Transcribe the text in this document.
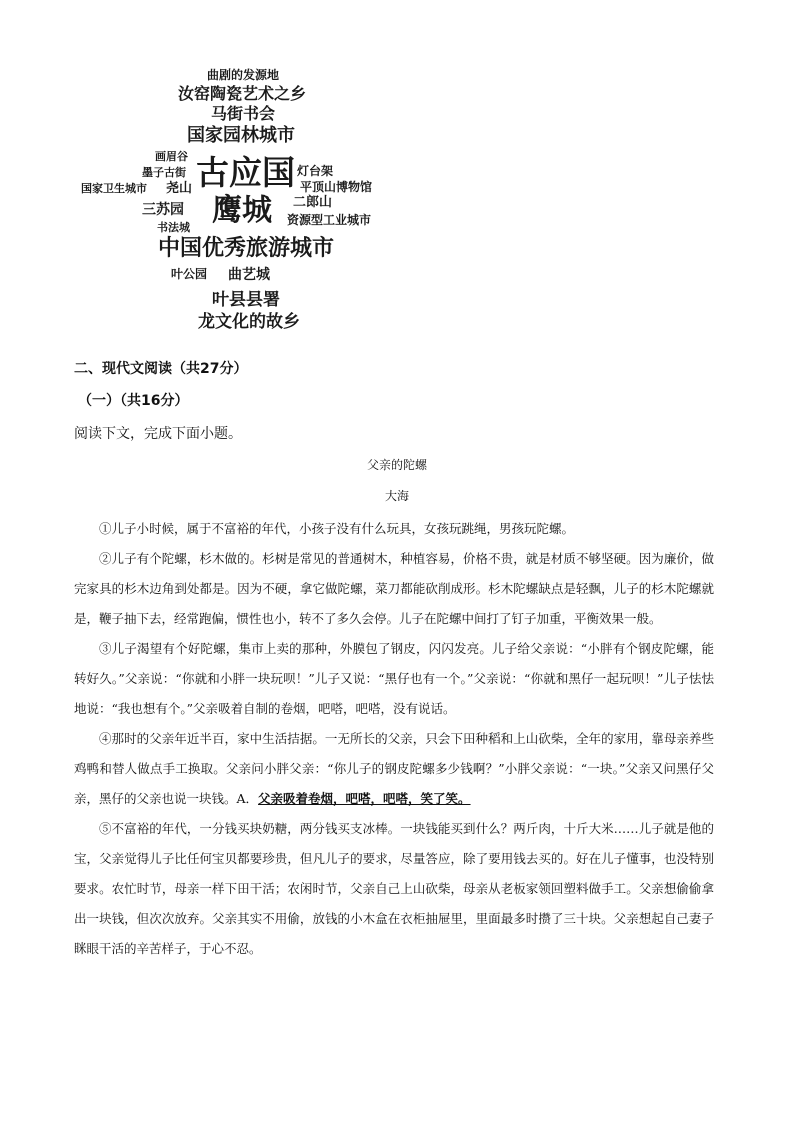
曲剧的发源地
汝窑陶瓷艺术之乡
马街书会
国家园林城市
画眉谷
墨子古街 古应国 灯台架
国家卫生城市 尧山	平顶山博物馆
三苏园 鹰城 二郎山
资源型工业城市
书法城
中国优秀旅游城市
叶公园 曲艺城
叶县县署
龙文化的故乡
二、现代文阅读（共27分）
（一）（共16分）
阅读下文，完成下面小题。
父亲的陀螺
大海

①儿子小时候，属于不富裕的年代，小孩子没有什么玩具，女孩玩跳绳，男孩玩陀螺。

②儿子有个陀螺，杉木做的。杉树是常见的普通树木，种植容易，价格不贵，就是材质不够坚硬。因为廉价，做完家具的杉木边角到处都是。因为不硬，拿它做陀螺，菜刀都能砍削成形。杉木陀螺缺点是轻飘，儿子的杉木陀螺就是，鞭子抽下去，经常跑偏，惯性也小，转不了多久会停。儿子在陀螺中间打了钉子加重，平衡效果一般。

③儿子渴望有个好陀螺，集市上卖的那种，外膜包了钢皮，闪闪发亮。儿子给父亲说：“小胖有个钢皮陀螺，能转好久。”父亲说：“你就和小胖一块玩呗！”儿子又说：“黑仔也有一个。”父亲说：“你就和黑仔一起玩呗！”儿子怯怯地说：“我也想有个。”父亲吸着自制的卷烟，吧嗒，吧嗒，没有说话。

④那时的父亲年近半百，家中生活拮据。一无所长的父亲，只会下田种稻和上山砍柴，全年的家用，靠母亲养些鸡鸭和替人做点手工换取。父亲问小胖父亲：“你儿子的钢皮陀螺多少钱啊？”小胖父亲说：“一块。”父亲又问黑仔父亲，黑仔的父亲也说一块钱。A．父亲吸着卷烟，吧嗒，吧嗒，笑了笑。

⑤不富裕的年代，一分钱买块奶糖，两分钱买支冰棒。一块钱能买到什么？两斤肉，十斤大米……儿子就是他的宝，父亲觉得儿子比任何宝贝都要珍贵，但凡儿子的要求，尽量答应，除了要用钱去买的。好在儿子懂事，也没特别要求。农忙时节，母亲一样下田干活；农闲时节，父亲自己上山砍柴，母亲从老板家领回塑料做手工。父亲想偷偷拿出一块钱，但次次放弃。父亲其实不用偷，放钱的小木盒在衣柜抽屉里，里面最多时攒了三十块。父亲想起自己妻子眯眼干活的辛苦样子，于心不忍。
